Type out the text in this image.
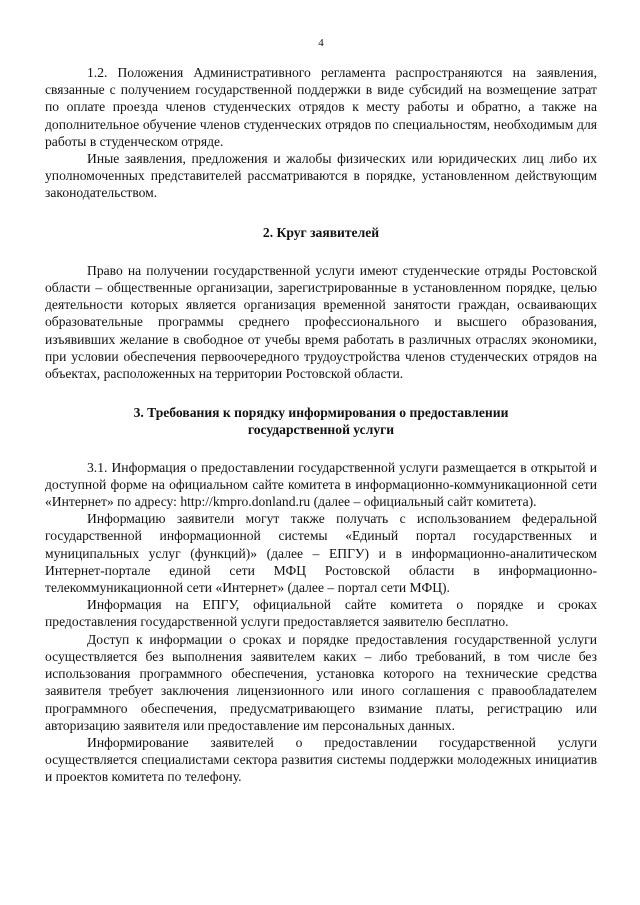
4

1.2. Положения Административного регламента распространяются на заявления, связанные с получением государственной поддержки в виде субсидий на возмещение затрат по оплате проезда членов студенческих отрядов к месту работы и обратно, а также на дополнительное обучение членов студенческих отрядов по специальностям, необходимым для работы в студенческом отряде.

Иные заявления, предложения и жалобы физических или юридических лиц либо их уполномоченных представителей рассматриваются в порядке, установленном действующим законодательством.

2. Круг заявителей

Право на получении государственной услуги имеют студенческие отряды Ростовской области – общественные организации, зарегистрированные в установленном порядке, целью деятельности которых является организация временной занятости граждан, осваивающих образовательные программы среднего профессионального и высшего образования, изъявивших желание в свободное от учебы время работать в различных отраслях экономики, при условии обеспечения первоочередного трудоустройства членов студенческих отрядов на объектах, расположенных на территории Ростовской области.

3. Требования к порядку информирования о предоставлении
государственной услуги

3.1. Информация о предоставлении государственной услуги размещается в открытой и доступной форме на официальном сайте комитета в информационно-коммуникационной сети «Интернет» по адресу: http://kmpro.donland.ru (далее – официальный сайт комитета).

Информацию заявители могут также получать с использованием федеральной государственной информационной системы «Единый портал государственных и муниципальных услуг (функций)» (далее – ЕПГУ) и в информационно-аналитическом Интернет-портале единой сети МФЦ Ростовской области в информационно-телекоммуникационной сети «Интернет» (далее – портал сети МФЦ).

Информация на ЕПГУ, официальной сайте комитета о порядке и сроках предоставления государственной услуги предоставляется заявителю бесплатно.

Доступ к информации о сроках и порядке предоставления государственной услуги осуществляется без выполнения заявителем каких – либо требований, в том числе без использования программного обеспечения, установка которого на технические средства заявителя требует заключения лицензионного или иного соглашения с правообладателем программного обеспечения, предусматривающего взимание платы, регистрацию или авторизацию заявителя или предоставление им персональных данных.

Информирование заявителей о предоставлении государственной услуги осуществляется специалистами сектора развития системы поддержки молодежных инициатив и проектов комитета по телефону.
